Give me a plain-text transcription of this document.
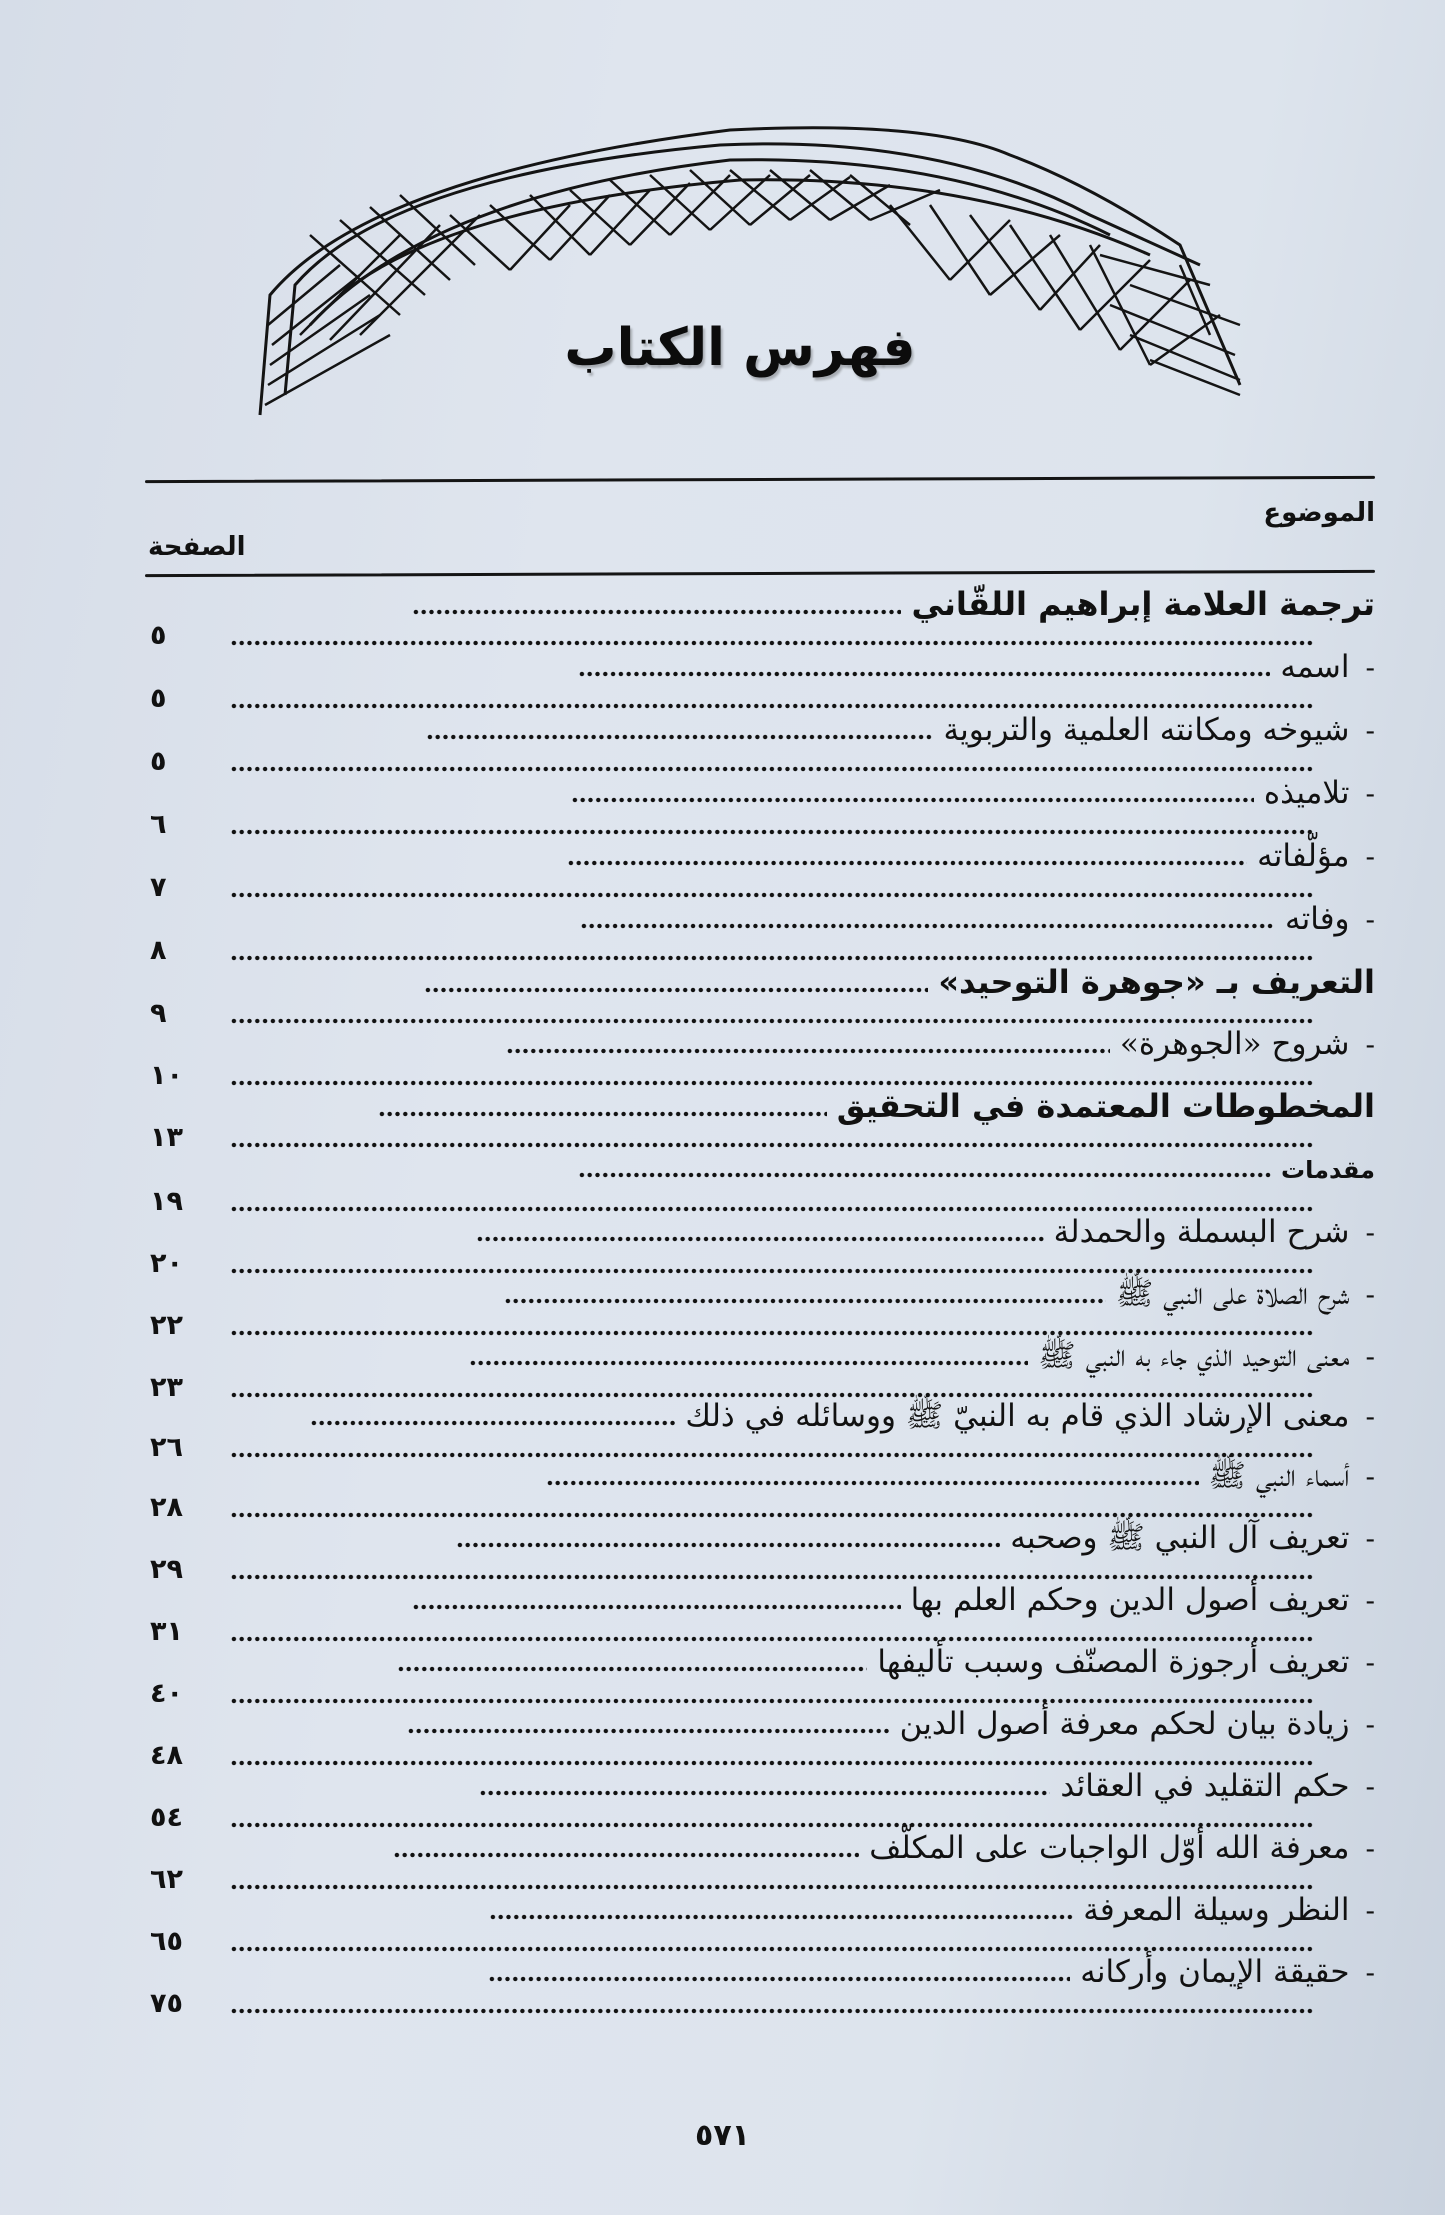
فهرس الكتاب
الموضوع
الصفحة
ترجمة العلامة إبراهيم اللقّاني
٥
-
اسمه
٥
-
شيوخه ومكانته العلمية والتربوية
٥
-
تلاميذه
٦
-
مؤلّفاته
٧
-
وفاته
٨
التعريف بـ «جوهرة التوحيد»
٩
-
شروح «الجوهرة»
١٠
المخطوطات المعتمدة في التحقيق
١٣
مقدمات
١٩
-
شرح البسملة والحمدلة
٢٠
-
شرح الصلاة على النبي ﷺ
٢٢
-
معنى التوحيد الذي جاء به النبي ﷺ
٢٣
-
معنى الإرشاد الذي قام به النبيّ ﷺ ووسائله في ذلك
٢٦
-
أسماء النبي ﷺ
٢٨
-
تعريف آل النبي ﷺ وصحبه
٢٩
-
تعريف أصول الدين وحكم العلم بها
٣١
-
تعريف أرجوزة المصنّف وسبب تأليفها
٤٠
-
زيادة بيان لحكم معرفة أصول الدين
٤٨
-
حكم التقليد في العقائد
٥٤
-
معرفة الله أوّل الواجبات على المكلّف
٦٢
-
النظر وسيلة المعرفة
٦٥
-
حقيقة الإيمان وأركانه
٧٥
٥٧١
